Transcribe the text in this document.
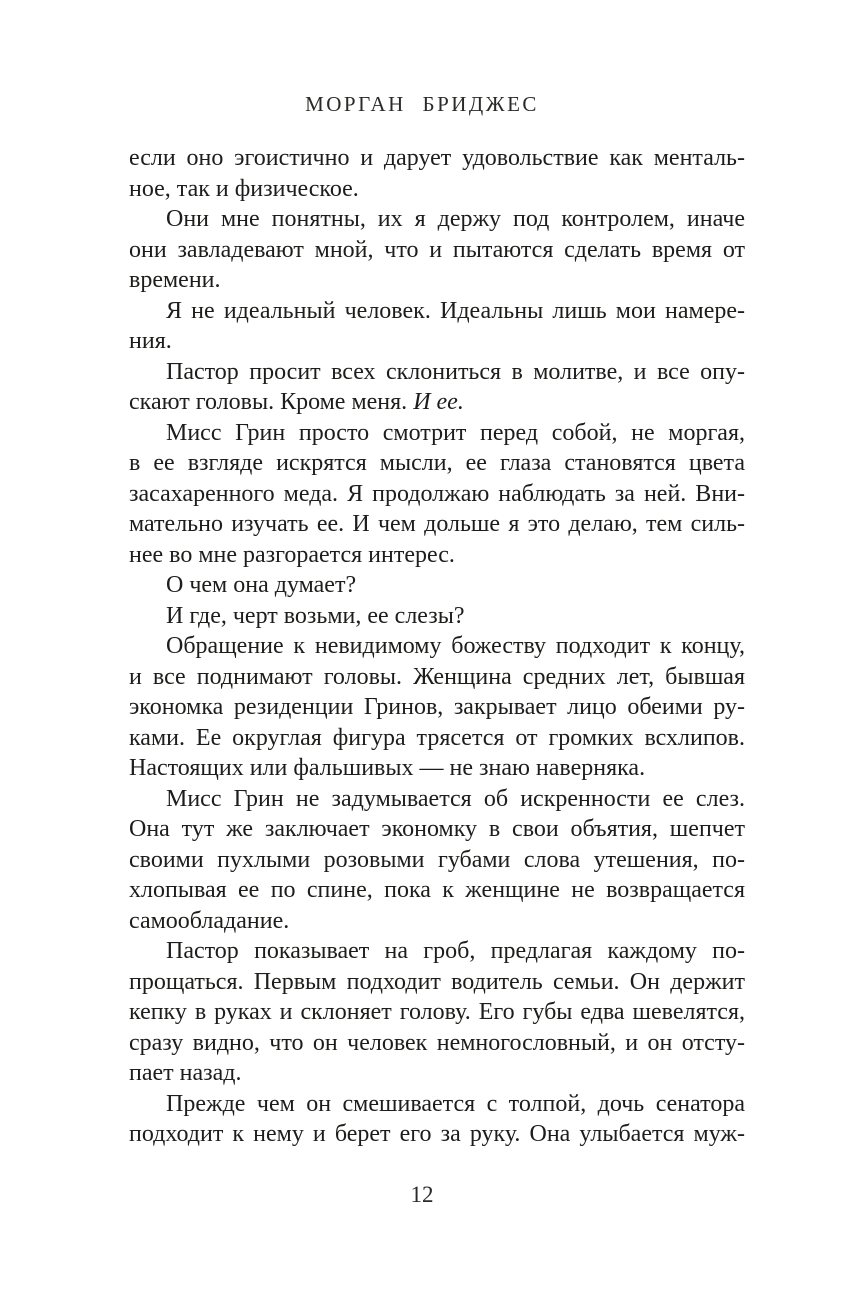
МОРГАН БРИДЖЕС
если оно эгоистично и дарует удовольствие как менталь-
ное, так и физическое.
Они мне понятны, их я держу под контролем, иначе
они завладевают мной, что и пытаются сделать время от
времени.
Я не идеальный человек. Идеальны лишь мои намере-
ния.
Пастор просит всех склониться в молитве, и все опу-
скают головы. Кроме меня. И ее.
Мисс Грин просто смотрит перед собой, не моргая,
в ее взгляде искрятся мысли, ее глаза становятся цвета
засахаренного меда. Я продолжаю наблюдать за ней. Вни-
мательно изучать ее. И чем дольше я это делаю, тем силь-
нее во мне разгорается интерес.
О чем она думает?
И где, черт возьми, ее слезы?
Обращение к невидимому божеству подходит к концу,
и все поднимают головы. Женщина средних лет, бывшая
экономка резиденции Гринов, закрывает лицо обеими ру-
ками. Ее округлая фигура трясется от громких всхлипов.
Настоящих или фальшивых — не знаю наверняка.
Мисс Грин не задумывается об искренности ее слез.
Она тут же заключает экономку в свои объятия, шепчет
своими пухлыми розовыми губами слова утешения, по-
хлопывая ее по спине, пока к женщине не возвращается
самообладание.
Пастор показывает на гроб, предлагая каждому по-
прощаться. Первым подходит водитель семьи. Он держит
кепку в руках и склоняет голову. Его губы едва шевелятся,
сразу видно, что он человек немногословный, и он отсту-
пает назад.
Прежде чем он смешивается с толпой, дочь сенатора
подходит к нему и берет его за руку. Она улыбается муж-
12
